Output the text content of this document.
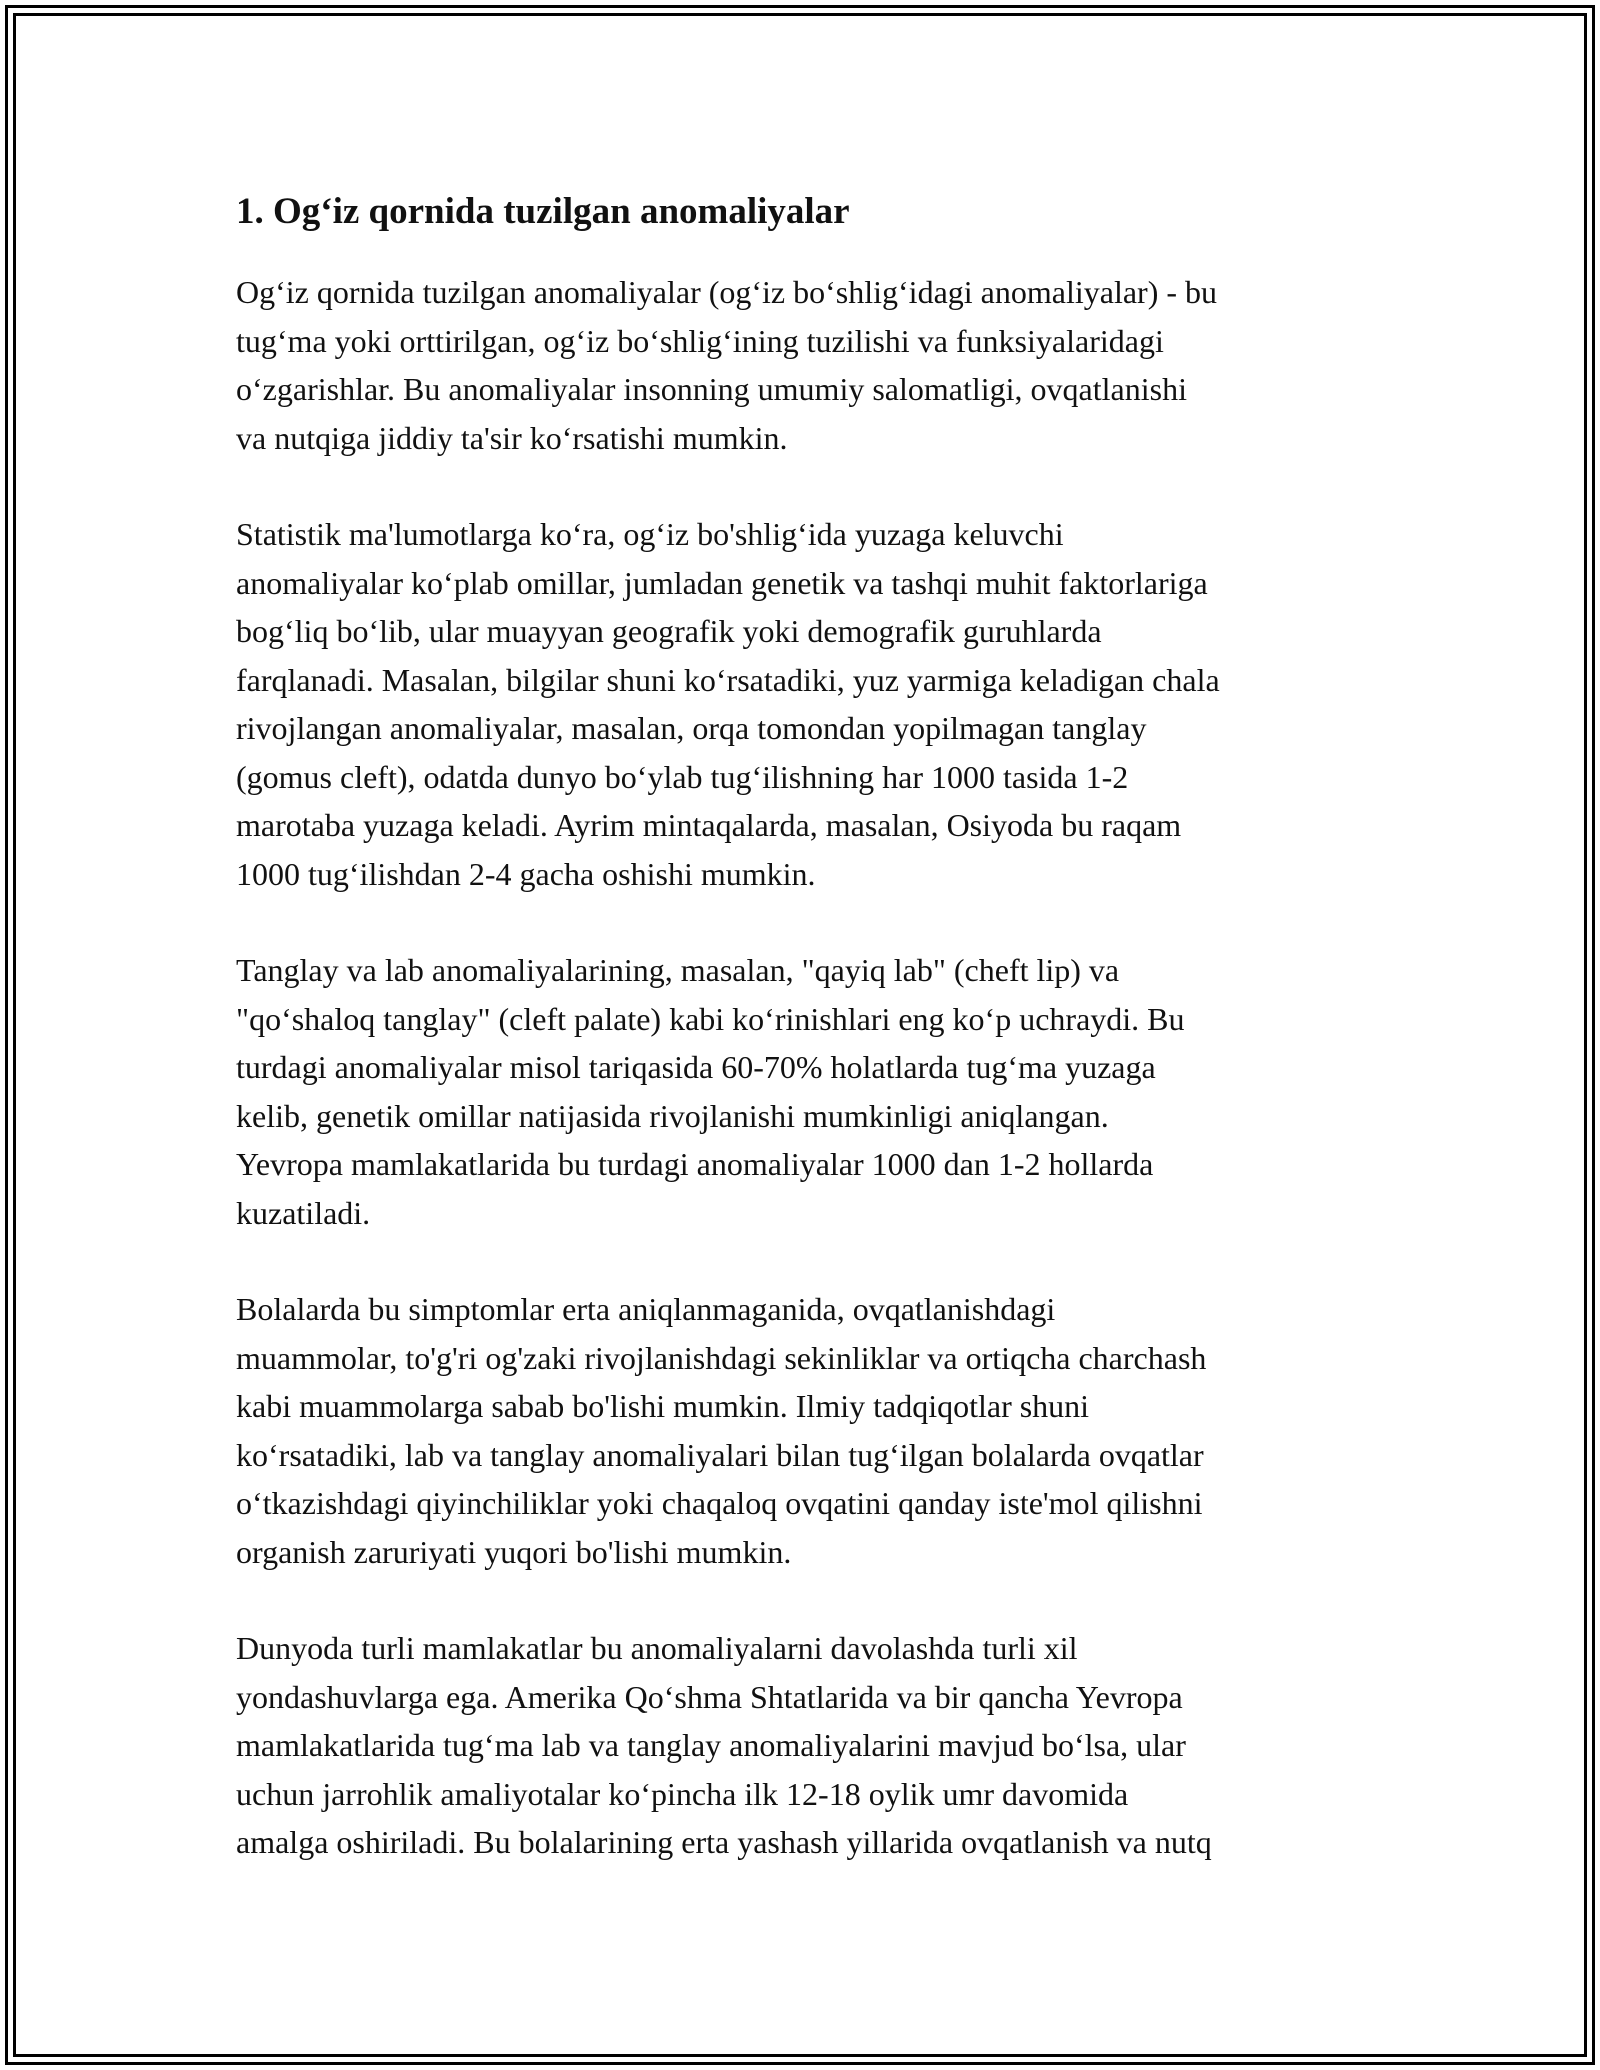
1. Og‘iz qornida tuzilgan anomaliyalar
Og‘iz qornida tuzilgan anomaliyalar (og‘iz bo‘shlig‘idagi anomaliyalar) - bu
tug‘ma yoki orttirilgan, og‘iz bo‘shlig‘ining tuzilishi va funksiyalaridagi
o‘zgarishlar. Bu anomaliyalar insonning umumiy salomatligi, ovqatlanishi
va nutqiga jiddiy ta'sir ko‘rsatishi mumkin.
Statistik ma'lumotlarga ko‘ra, og‘iz bo'shlig‘ida yuzaga keluvchi
anomaliyalar ko‘plab omillar, jumladan genetik va tashqi muhit faktorlariga
bog‘liq bo‘lib, ular muayyan geografik yoki demografik guruhlarda
farqlanadi. Masalan, bilgilar shuni ko‘rsatadiki, yuz yarmiga keladigan chala
rivojlangan anomaliyalar, masalan, orqa tomondan yopilmagan tanglay
(gomus cleft), odatda dunyo bo‘ylab tug‘ilishning har 1000 tasida 1-2
marotaba yuzaga keladi. Ayrim mintaqalarda, masalan, Osiyoda bu raqam
1000 tug‘ilishdan 2-4 gacha oshishi mumkin.
Tanglay va lab anomaliyalarining, masalan, "qayiq lab" (cheft lip) va
"qo‘shaloq tanglay" (cleft palate) kabi ko‘rinishlari eng ko‘p uchraydi. Bu
turdagi anomaliyalar misol tariqasida 60-70% holatlarda tug‘ma yuzaga
kelib, genetik omillar natijasida rivojlanishi mumkinligi aniqlangan.
Yevropa mamlakatlarida bu turdagi anomaliyalar 1000 dan 1-2 hollarda
kuzatiladi.
Bolalarda bu simptomlar erta aniqlanmaganida, ovqatlanishdagi
muammolar, to'g'ri og'zaki rivojlanishdagi sekinliklar va ortiqcha charchash
kabi muammolarga sabab bo'lishi mumkin. Ilmiy tadqiqotlar shuni
ko‘rsatadiki, lab va tanglay anomaliyalari bilan tug‘ilgan bolalarda ovqatlar
o‘tkazishdagi qiyinchiliklar yoki chaqaloq ovqatini qanday iste'mol qilishni
organish zaruriyati yuqori bo'lishi mumkin.
Dunyoda turli mamlakatlar bu anomaliyalarni davolashda turli xil
yondashuvlarga ega. Amerika Qo‘shma Shtatlarida va bir qancha Yevropa
mamlakatlarida tug‘ma lab va tanglay anomaliyalarini mavjud bo‘lsa, ular
uchun jarrohlik amaliyotalar ko‘pincha ilk 12-18 oylik umr davomida
amalga oshiriladi. Bu bolalarining erta yashash yillarida ovqatlanish va nutq
